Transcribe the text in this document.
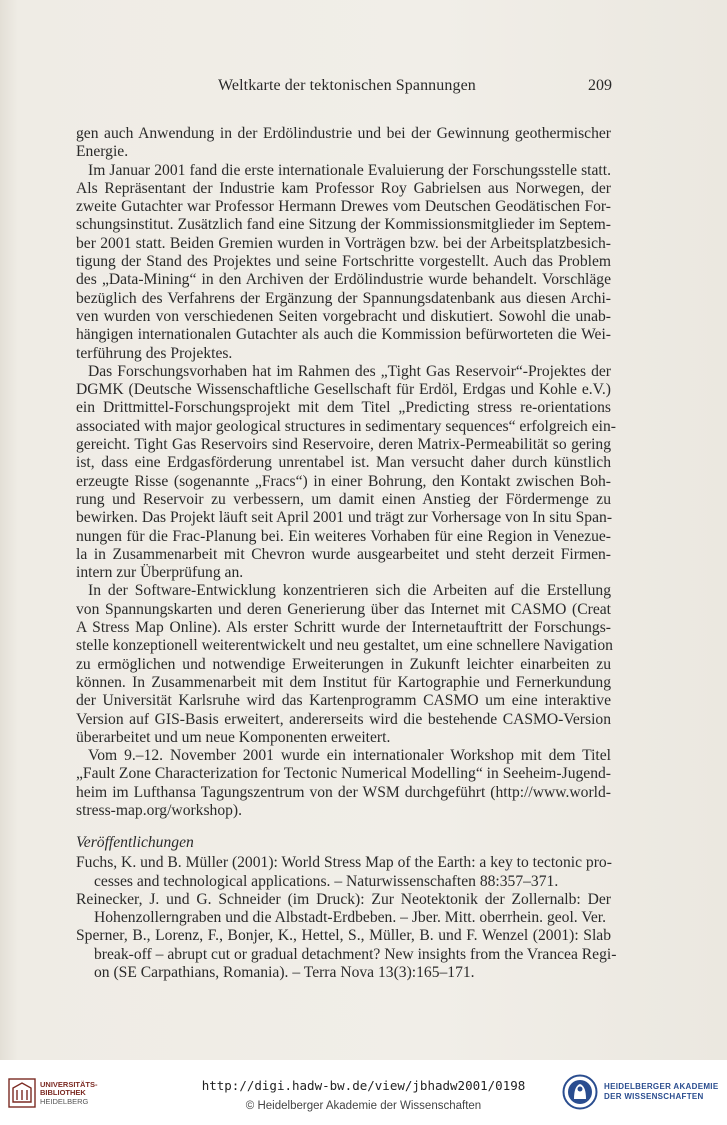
Weltkarte der tektonischen Spannungen	209
gen auch Anwendung in der Erdölindustrie und bei der Gewinnung geothermischer
Energie.
Im Januar 2001 fand die erste internationale Evaluierung der Forschungsstelle statt.
Als Repräsentant der Industrie kam Professor Roy Gabrielsen aus Norwegen, der
zweite Gutachter war Professor Hermann Drewes vom Deutschen Geodätischen For-
schungsinstitut. Zusätzlich fand eine Sitzung der Kommissionsmitglieder im Septem-
ber 2001 statt. Beiden Gremien wurden in Vorträgen bzw. bei der Arbeitsplatzbesich-
tigung der Stand des Projektes und seine Fortschritte vorgestellt. Auch das Problem
des „Data-Mining“ in den Archiven der Erdölindustrie wurde behandelt. Vorschläge
bezüglich des Verfahrens der Ergänzung der Spannungsdatenbank aus diesen Archi-
ven wurden von verschiedenen Seiten vorgebracht und diskutiert. Sowohl die unab-
hängigen internationalen Gutachter als auch die Kommission befürworteten die Wei-
terführung des Projektes.
Das Forschungsvorhaben hat im Rahmen des „Tight Gas Reservoir“-Projektes der
DGMK (Deutsche Wissenschaftliche Gesellschaft für Erdöl, Erdgas und Kohle e.V.)
ein Drittmittel-Forschungsprojekt mit dem Titel „Predicting stress re-orientations
associated with major geological structures in sedimentary sequences“ erfolgreich ein-
gereicht. Tight Gas Reservoirs sind Reservoire, deren Matrix-Permeabilität so gering
ist, dass eine Erdgasförderung unrentabel ist. Man versucht daher durch künstlich
erzeugte Risse (sogenannte „Fracs“) in einer Bohrung, den Kontakt zwischen Boh-
rung und Reservoir zu verbessern, um damit einen Anstieg der Fördermenge zu
bewirken. Das Projekt läuft seit April 2001 und trägt zur Vorhersage von In situ Span-
nungen für die Frac-Planung bei. Ein weiteres Vorhaben für eine Region in Venezue-
la in Zusammenarbeit mit Chevron wurde ausgearbeitet und steht derzeit Firmen-
intern zur Überprüfung an.
In der Software-Entwicklung konzentrieren sich die Arbeiten auf die Erstellung
von Spannungskarten und deren Generierung über das Internet mit CASMO (Creat
A Stress Map Online). Als erster Schritt wurde der Internetauftritt der Forschungs-
stelle konzeptionell weiterentwickelt und neu gestaltet, um eine schnellere Navigation
zu ermöglichen und notwendige Erweiterungen in Zukunft leichter einarbeiten zu
können. In Zusammenarbeit mit dem Institut für Kartographie und Fernerkundung
der Universität Karlsruhe wird das Kartenprogramm CASMO um eine interaktive
Version auf GIS-Basis erweitert, andererseits wird die bestehende CASMO-Version
überarbeitet und um neue Komponenten erweitert.
Vom 9.–12. November 2001 wurde ein internationaler Workshop mit dem Titel
„Fault Zone Characterization for Tectonic Numerical Modelling“ in Seeheim-Jugend-
heim im Lufthansa Tagungszentrum von der WSM durchgeführt (http://www.world-
stress-map.org/workshop).
Veröffentlichungen
Fuchs, K. und B. Müller (2001): World Stress Map of the Earth: a key to tectonic pro-
cesses and technological applications. – Naturwissenschaften 88:357–371.
Reinecker, J. und G. Schneider (im Druck): Zur Neotektonik der Zollernalb: Der
Hohenzollerngraben und die Albstadt-Erdbeben. – Jber. Mitt. oberrhein. geol. Ver.
Sperner, B., Lorenz, F., Bonjer, K., Hettel, S., Müller, B. und F. Wenzel (2001): Slab
break-off – abrupt cut or gradual detachment? New insights from the Vrancea Regi-
on (SE Carpathians, Romania). – Terra Nova 13(3):165–171.
UNIVERSITÄTS-
BIBLIOTHEK
HEIDELBERG
http://digi.hadw-bw.de/view/jbhadw2001/0198
© Heidelberger Akademie der Wissenschaften
HEIDELBERGER AKADEMIE
DER WISSENSCHAFTEN
